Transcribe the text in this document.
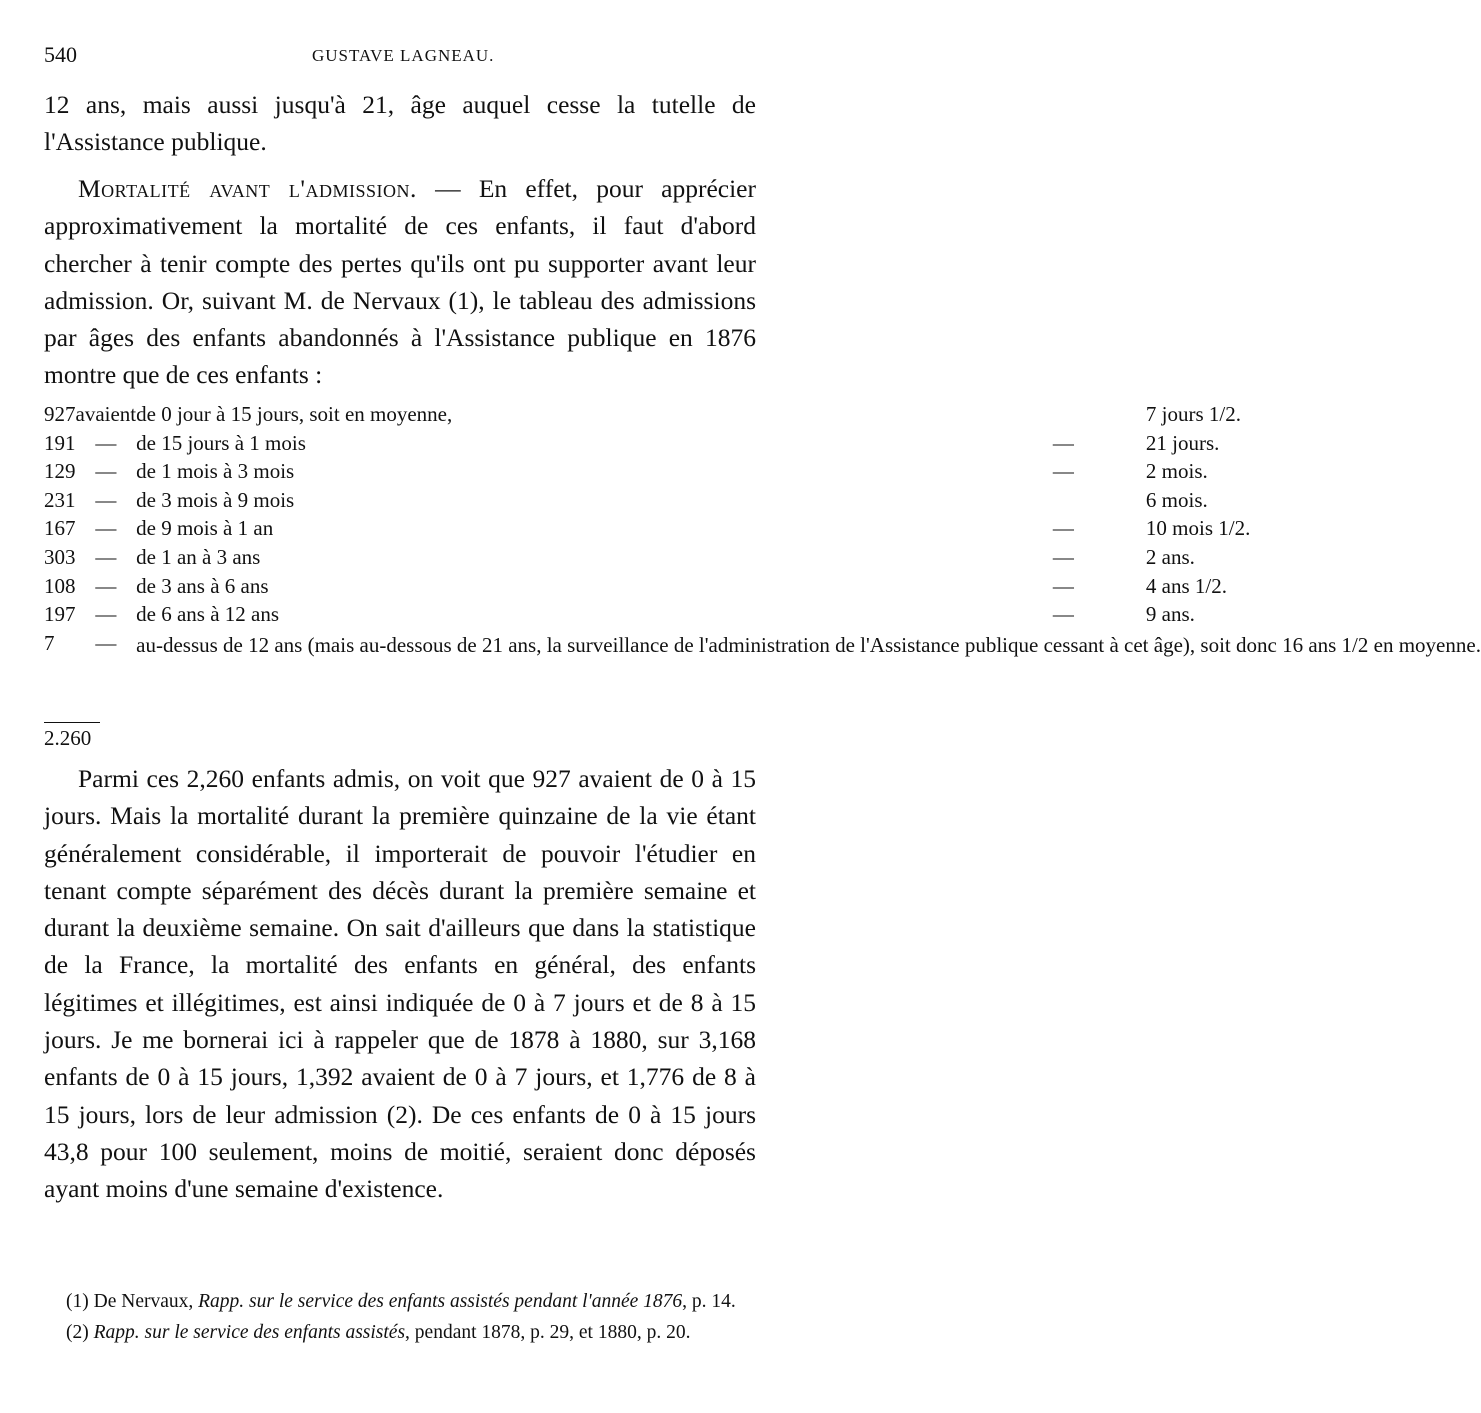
540	GUSTAVE LAGNEAU.
12 ans, mais aussi jusqu'à 21, âge auquel cesse la tutelle de l'Assistance publique.
Mortalité avant l'admission. — En effet, pour apprécier approximativement la mortalité de ces enfants, il faut d'abord chercher à tenir compte des pertes qu'ils ont pu supporter avant leur admission. Or, suivant M. de Nervaux (1), le tableau des admissions par âges des enfants abandonnés à l'Assistance publique en 1876 montre que de ces enfants :
927	avaient	de 0 jour à 15 jours, soit en moyenne,		7 jours 1/2.
191	—	de 15 jours à 1 mois	—	21 jours.
129	—	de 1 mois à 3 mois	—	2 mois.
231	—	de 3 mois à 9 mois		6 mois.
167	—	de 9 mois à 1 an	—	10 mois 1/2.
303	—	de 1 an à 3 ans	—	2 ans.
108	—	de 3 ans à 6 ans	—	4 ans 1/2.
197	—	de 6 ans à 12 ans	—	9 ans.
7	—	au-dessus de 12 ans (mais au-dessous de 21 ans, la surveillance de l'administration de l'Assistance publique cessant à cet âge), soit donc 16 ans 1/2 en moyenne.		
2.260
Parmi ces 2,260 enfants admis, on voit que 927 avaient de 0 à 15 jours. Mais la mortalité durant la première quinzaine de la vie étant généralement considérable, il importerait de pouvoir l'étudier en tenant compte séparément des décès durant la première semaine et durant la deuxième semaine. On sait d'ailleurs que dans la statistique de la France, la mortalité des enfants en général, des enfants légitimes et illégitimes, est ainsi indiquée de 0 à 7 jours et de 8 à 15 jours. Je me bornerai ici à rappeler que de 1878 à 1880, sur 3,168 enfants de 0 à 15 jours, 1,392 avaient de 0 à 7 jours, et 1,776 de 8 à 15 jours, lors de leur admission (2). De ces enfants de 0 à 15 jours 43,8 pour 100 seulement, moins de moitié, seraient donc déposés ayant moins d'une semaine d'existence.

(1) De Nervaux, Rapp. sur le service des enfants assistés pendant l'année 1876, p. 14.

(2) Rapp. sur le service des enfants assistés, pendant 1878, p. 29, et 1880, p. 20.
